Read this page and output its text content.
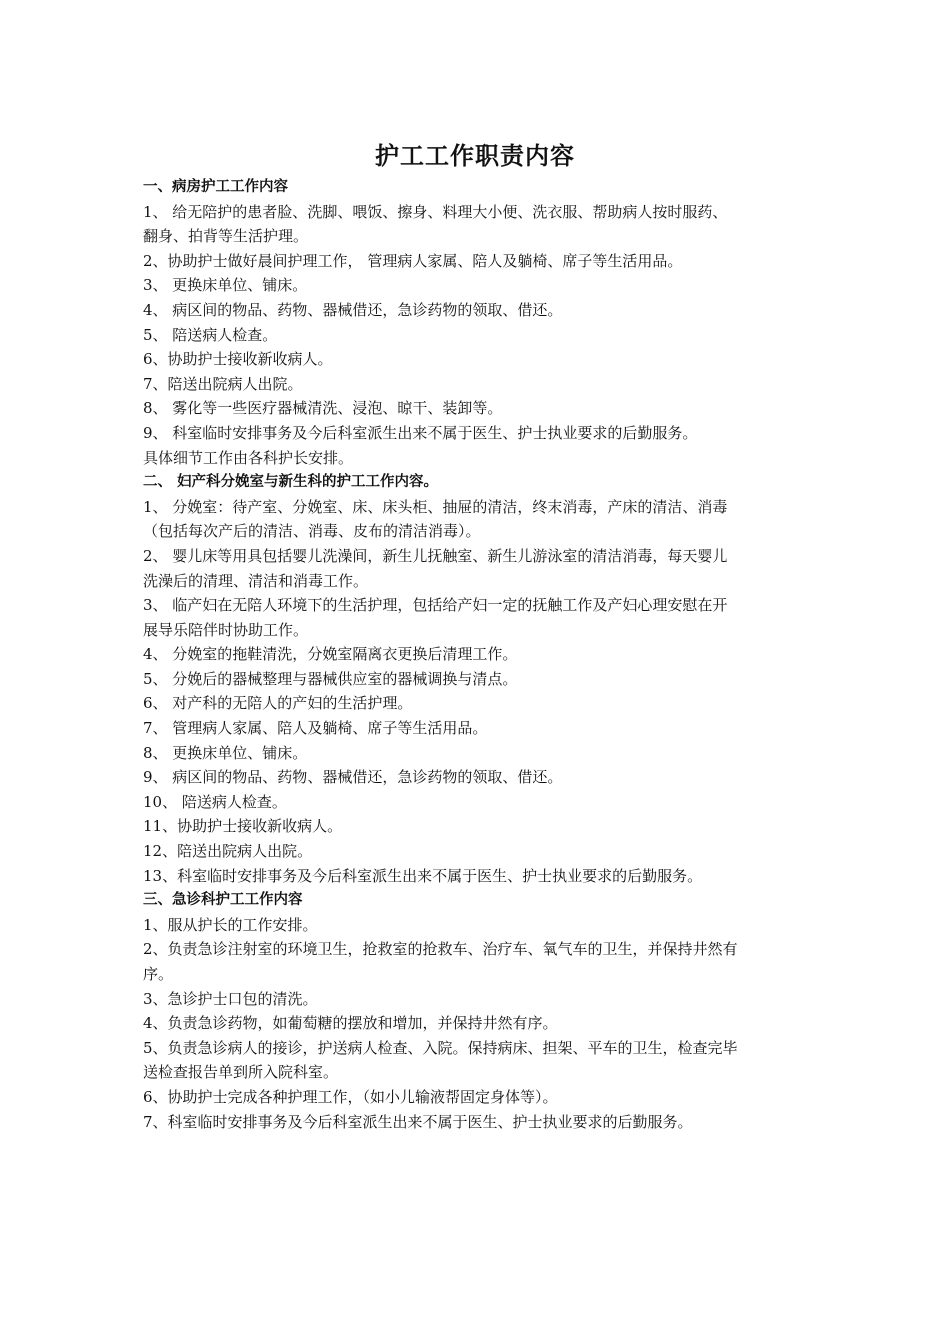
护工工作职责内容

一、病房护工工作内容

1、 给无陪护的患者脸、洗脚、喂饭、擦身、料理大小便、洗衣服、帮助病人按时服药、

翻身、拍背等生活护理。

2、协助护士做好晨间护理工作， 管理病人家属、陪人及躺椅、席子等生活用品。

3、 更换床单位、铺床。

4、 病区间的物品、药物、器械借还，急诊药物的领取、借还。

5、 陪送病人检查。

6、协助护士接收新收病人。

7、陪送出院病人出院。

8、 雾化等一些医疗器械清洗、浸泡、晾干、装卸等。

9、 科室临时安排事务及今后科室派生出来不属于医生、护士执业要求的后勤服务。

具体细节工作由各科护长安排。

二、 妇产科分娩室与新生科的护工工作内容。

1、 分娩室：待产室、分娩室、床、床头柜、抽屉的清洁，终末消毒，产床的清洁、消毒

（包括每次产后的清洁、消毒、皮布的清洁消毒）。

2、 婴儿床等用具包括婴儿洗澡间，新生儿抚触室、新生儿游泳室的清洁消毒，每天婴儿

洗澡后的清理、清洁和消毒工作。

3、 临产妇在无陪人环境下的生活护理，包括给产妇一定的抚触工作及产妇心理安慰在开

展导乐陪伴时协助工作。

4、 分娩室的拖鞋清洗，分娩室隔离衣更换后清理工作。

5、 分娩后的器械整理与器械供应室的器械调换与清点。

6、 对产科的无陪人的产妇的生活护理。

7、 管理病人家属、陪人及躺椅、席子等生活用品。

8、 更换床单位、铺床。

9、 病区间的物品、药物、器械借还，急诊药物的领取、借还。

10、 陪送病人检查。

11、协助护士接收新收病人。

12、陪送出院病人出院。

13、科室临时安排事务及今后科室派生出来不属于医生、护士执业要求的后勤服务。

三、急诊科护工工作内容

1、服从护长的工作安排。

2、负责急诊注射室的环境卫生，抢救室的抢救车、治疗车、氧气车的卫生，并保持井然有

序。

3、急诊护士口包的清洗。

4、负责急诊药物，如葡萄糖的摆放和增加，并保持井然有序。

5、负责急诊病人的接诊，护送病人检查、入院。保持病床、担架、平车的卫生，检查完毕

送检查报告单到所入院科室。

6、协助护士完成各种护理工作，（如小儿输液帮固定身体等）。

7、科室临时安排事务及今后科室派生出来不属于医生、护士执业要求的后勤服务。
